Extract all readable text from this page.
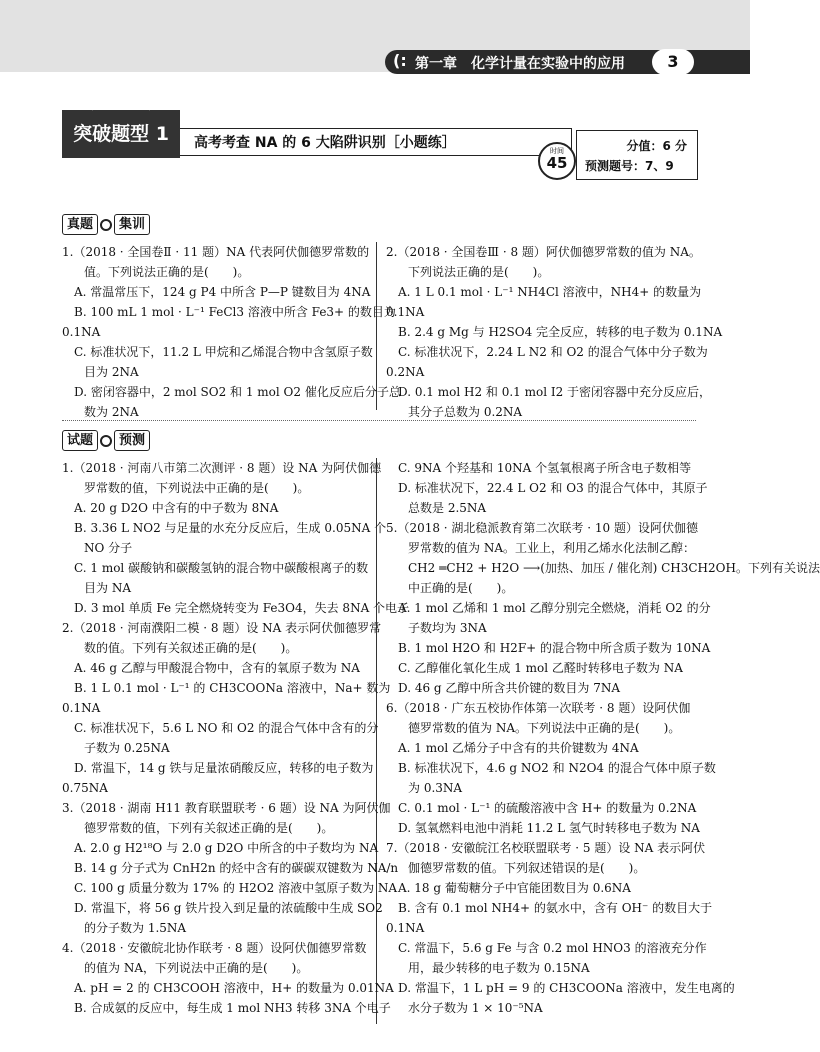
(: 第一章　化学计量在实验中的应用	3
突破题型 1	高考考查 NA 的 6 大陷阱识别［小题练］	时间
45
分值：6 分
预测题号：7、9
真题 集训

1.（2018 · 全国卷Ⅱ · 11 题）NA 代表阿伏伽德罗常数的

值。下列说法正确的是(　　)。

A. 常温常压下，124 g P4 中所含 P—P 键数目为 4NA

B. 100 mL 1 mol · L⁻¹ FeCl3 溶液中所含 Fe3+ 的数目为

0.1NA

C. 标准状况下，11.2 L 甲烷和乙烯混合物中含氢原子数

目为 2NA

D. 密闭容器中，2 mol SO2 和 1 mol O2 催化反应后分子总

数为 2NA

2.（2018 · 全国卷Ⅲ · 8 题）阿伏伽德罗常数的值为 NA。

下列说法正确的是(　　)。

A. 1 L 0.1 mol · L⁻¹ NH4Cl 溶液中，NH4+ 的数量为

0.1NA

B. 2.4 g Mg 与 H2SO4 完全反应，转移的电子数为 0.1NA

C. 标准状况下，2.24 L N2 和 O2 的混合气体中分子数为

0.2NA

D. 0.1 mol H2 和 0.1 mol I2 于密闭容器中充分反应后，

其分子总数为 0.2NA

试题 预测

1.（2018 · 河南八市第二次测评 · 8 题）设 NA 为阿伏伽德

罗常数的值，下列说法中正确的是(　　)。

A. 20 g D2O 中含有的中子数为 8NA

B. 3.36 L NO2 与足量的水充分反应后，生成 0.05NA 个

NO 分子

C. 1 mol 碳酸钠和碳酸氢钠的混合物中碳酸根离子的数

目为 NA

D. 3 mol 单质 Fe 完全燃烧转变为 Fe3O4，失去 8NA 个电子

2.（2018 · 河南濮阳二模 · 8 题）设 NA 表示阿伏伽德罗常

数的值。下列有关叙述正确的是(　　)。

A. 46 g 乙醇与甲酸混合物中，含有的氧原子数为 NA

B. 1 L 0.1 mol · L⁻¹ 的 CH3COONa 溶液中，Na+ 数为

0.1NA

C. 标准状况下，5.6 L NO 和 O2 的混合气体中含有的分

子数为 0.25NA

D. 常温下，14 g 铁与足量浓硝酸反应，转移的电子数为

0.75NA

3.（2018 · 湖南 H11 教育联盟联考 · 6 题）设 NA 为阿伏伽

德罗常数的值，下列有关叙述正确的是(　　)。

A. 2.0 g H2¹⁸O 与 2.0 g D2O 中所含的中子数均为 NA

B. 14 g 分子式为 CnH2n 的烃中含有的碳碳双键数为 NA/n

C. 100 g 质量分数为 17% 的 H2O2 溶液中氢原子数为 NA

D. 常温下，将 56 g 铁片投入到足量的浓硫酸中生成 SO2

的分子数为 1.5NA

4.（2018 · 安徽皖北协作联考 · 8 题）设阿伏伽德罗常数

的值为 NA，下列说法中正确的是(　　)。

A. pH = 2 的 CH3COOH 溶液中，H+ 的数量为 0.01NA

B. 合成氨的反应中，每生成 1 mol NH3 转移 3NA 个电子

C. 9NA 个羟基和 10NA 个氢氧根离子所含电子数相等

D. 标准状况下，22.4 L O2 和 O3 的混合气体中，其原子

总数是 2.5NA

5.（2018 · 湖北稳派教育第二次联考 · 10 题）设阿伏伽德

罗常数的值为 NA。工业上，利用乙烯水化法制乙醇：

CH2 ═CH2 + H2O ⟶(加热、加压 / 催化剂) CH3CH2OH。下列有关说法

中正确的是(　　)。

A. 1 mol 乙烯和 1 mol 乙醇分别完全燃烧，消耗 O2 的分

子数均为 3NA

B. 1 mol H2O 和 H2F+ 的混合物中所含质子数为 10NA

C. 乙醇催化氧化生成 1 mol 乙醛时转移电子数为 NA

D. 46 g 乙醇中所含共价键的数目为 7NA

6.（2018 · 广东五校协作体第一次联考 · 8 题）设阿伏伽

德罗常数的值为 NA。下列说法中正确的是(　　)。

A. 1 mol 乙烯分子中含有的共价键数为 4NA

B. 标准状况下，4.6 g NO2 和 N2O4 的混合气体中原子数

为 0.3NA

C. 0.1 mol · L⁻¹ 的硫酸溶液中含 H+ 的数量为 0.2NA

D. 氢氧燃料电池中消耗 11.2 L 氢气时转移电子数为 NA

7.（2018 · 安徽皖江名校联盟联考 · 5 题）设 NA 表示阿伏

伽德罗常数的值。下列叙述错误的是(　　)。

A. 18 g 葡萄糖分子中官能团数目为 0.6NA

B. 含有 0.1 mol NH4+ 的氨水中，含有 OH⁻ 的数目大于

0.1NA

C. 常温下，5.6 g Fe 与含 0.2 mol HNO3 的溶液充分作

用，最少转移的电子数为 0.15NA

D. 常温下，1 L pH = 9 的 CH3COONa 溶液中，发生电离的

水分子数为 1 × 10⁻⁵NA
